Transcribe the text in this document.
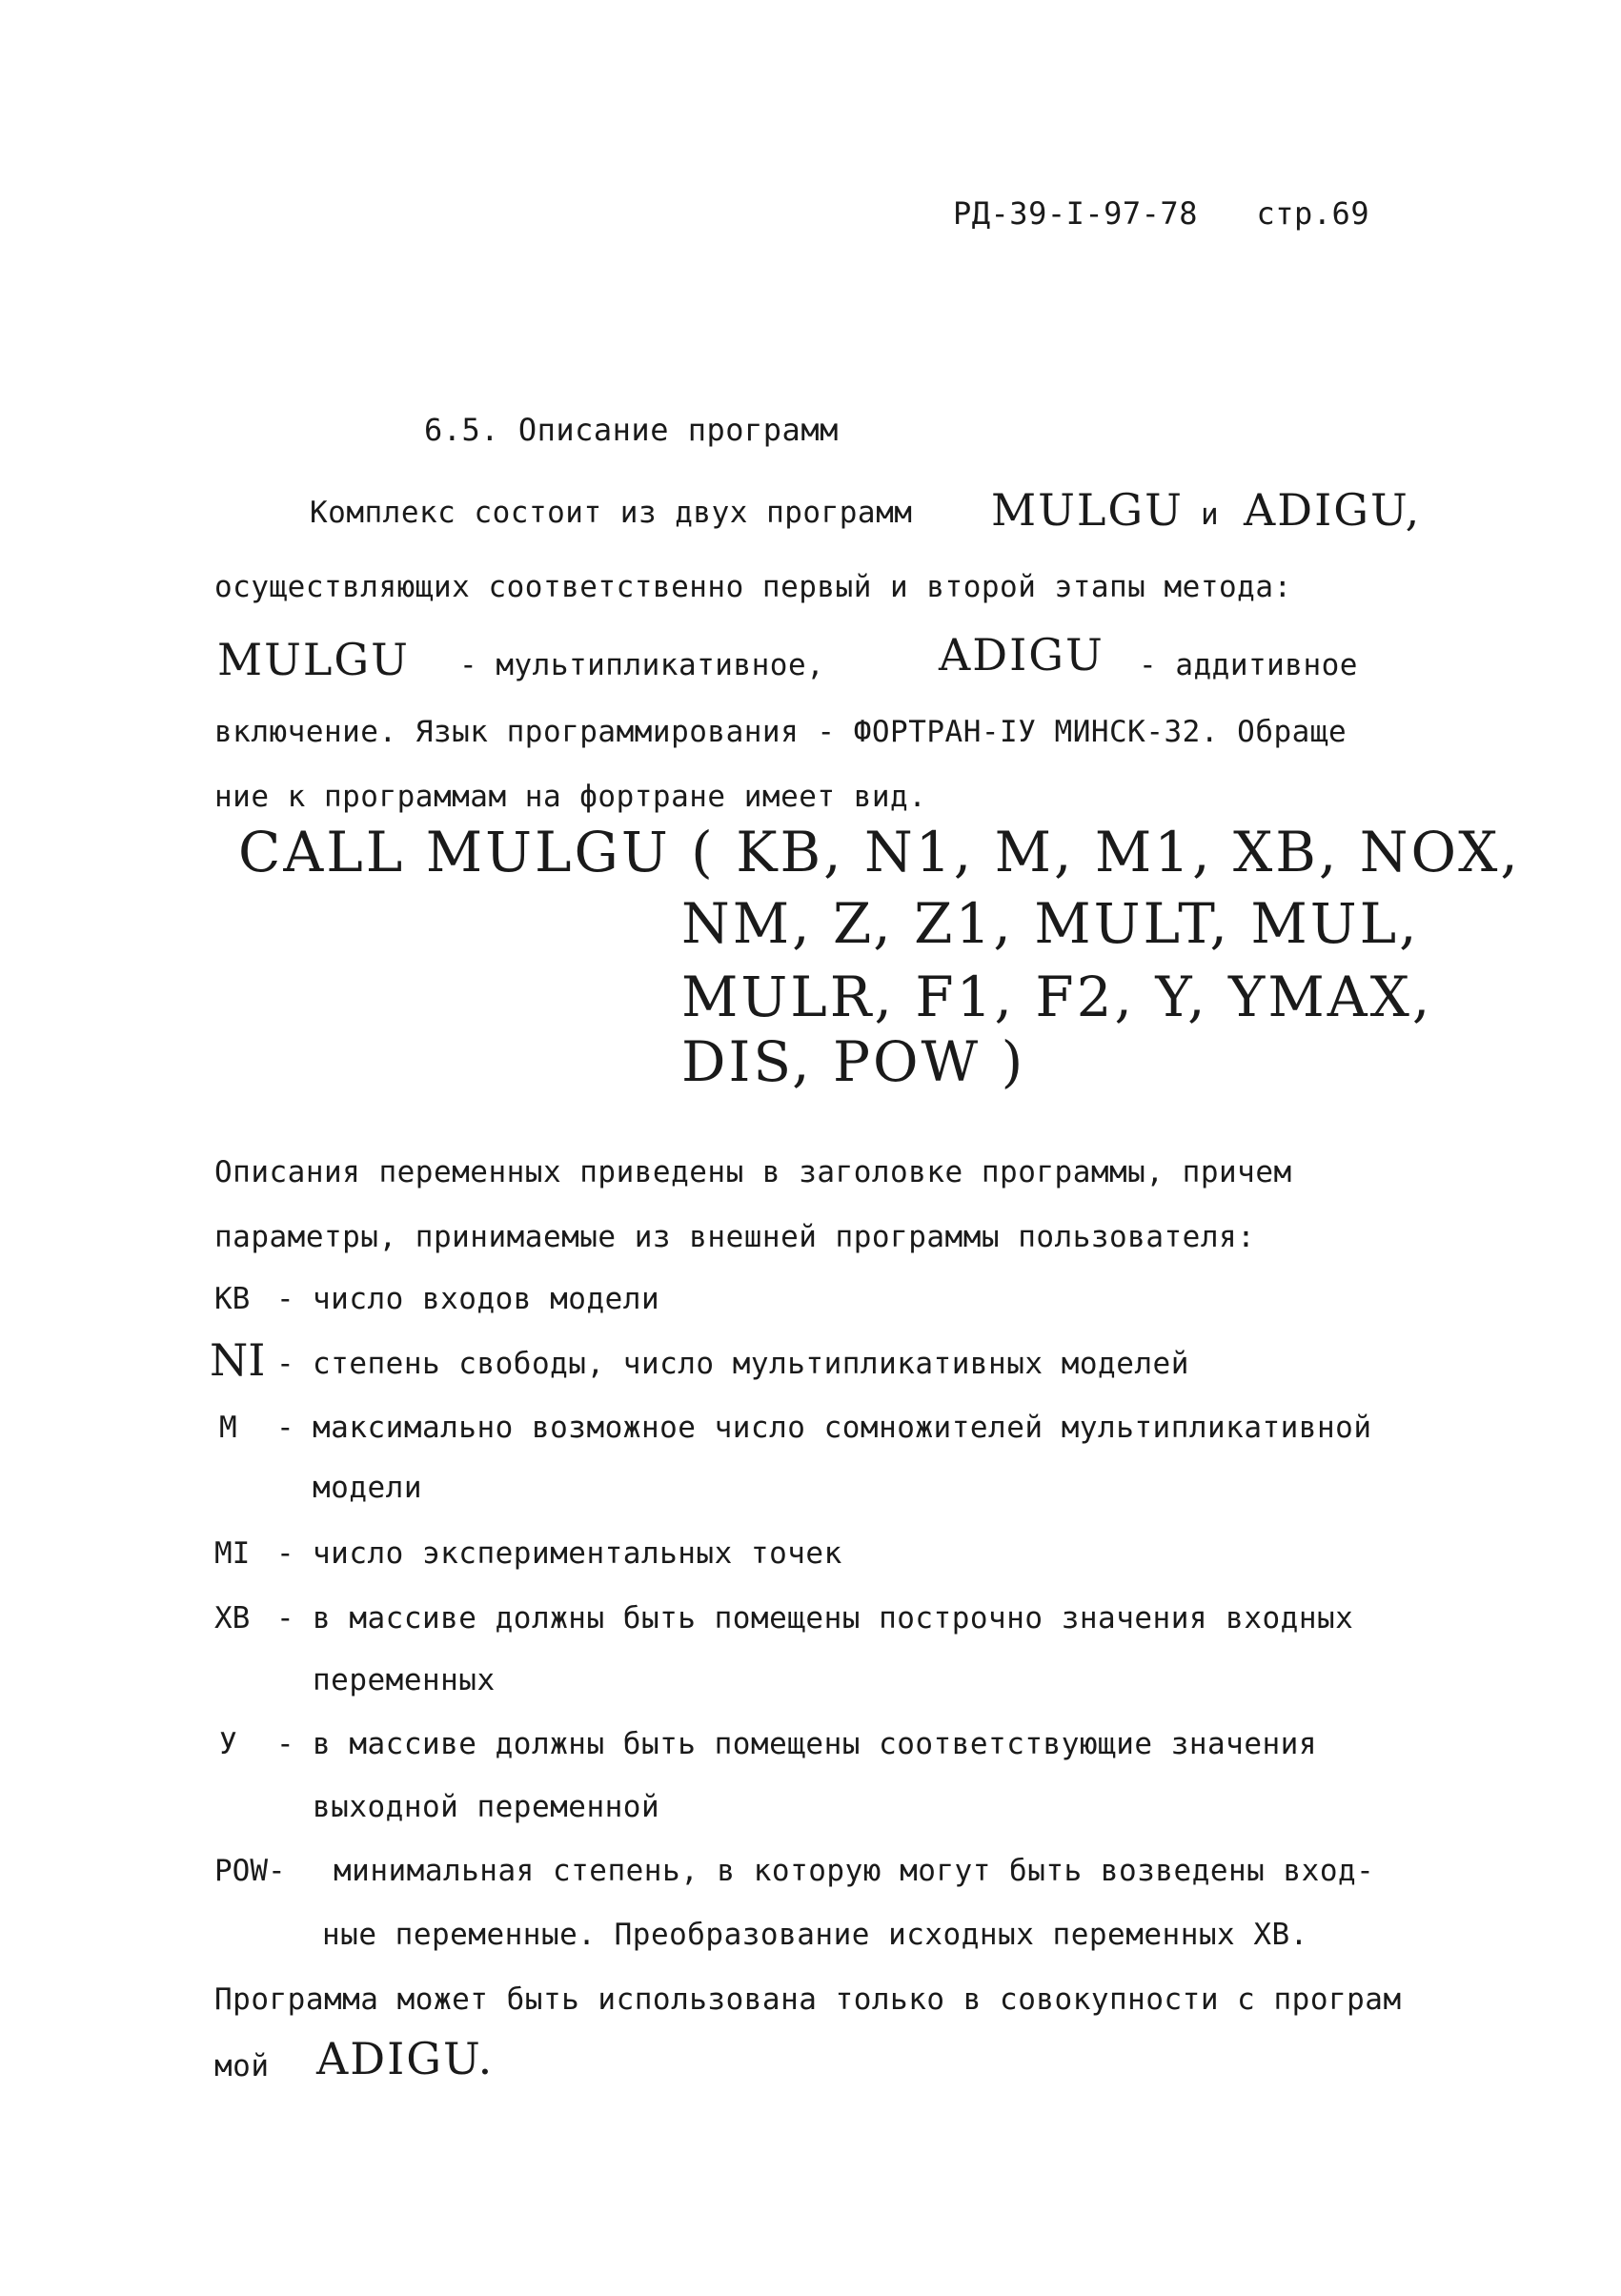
РД-39-I-97-78 стр.69
6.5. Описание программ
Комплекс состоит из двух программ MULGU и ADIGU,
осуществляющих соответственно первый и второй этапы метода:
MULGU - мультипликативное,	ADIGU - аддитивное
включение. Язык программирования - ФОРТРАН-IУ МИНСК-32. Обраще
ние к программам на фортране имеет вид.
CALL MULGU ( KB, N1, M, M1, XB, NOX,
NM, Z, Z1, MULT, MUL,
MULR, F1, F2, Y, YMAX,
DIS, POW )
Описания переменных приведены в заголовке программы, причем
параметры, принимаемые из внешней программы пользователя:
KB - число входов модели
NI - степень свободы, число мультипликативных моделей
M - максимально возможное число сомножителей мультипликативной
модели
MI - число экспериментальных точек
XB - в массиве должны быть помещены построчно значения входных
переменных
У - в массиве должны быть помещены соответствующие значения
выходной переменной
POW- минимальная степень, в которую могут быть возведены вход-
ные переменные. Преобразование исходных переменных XB.
Программа может быть использована только в совокупности с програм
мой ADIGU.
